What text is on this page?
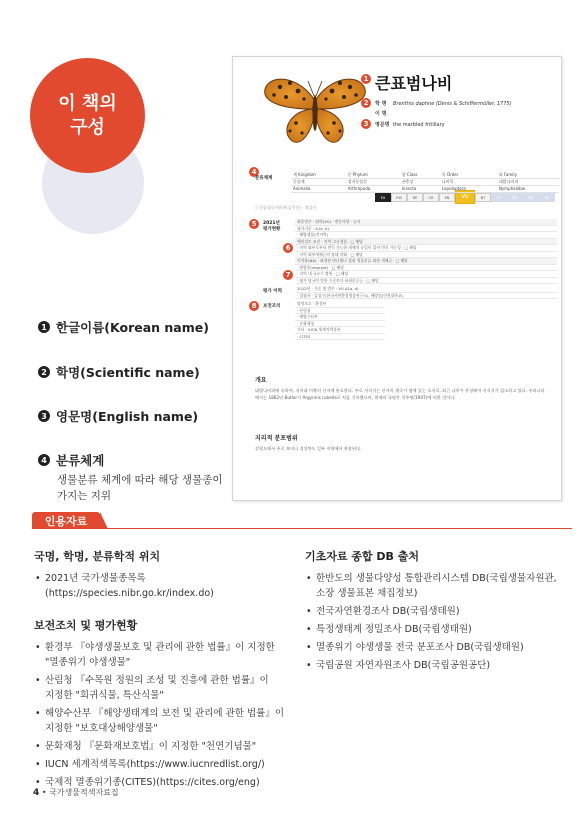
이 책의
구성
1 한글이름(Korean name)
2 학명(Scientific name)
3 영문명(English name)
4 분류체계
생물분류 체계에 따라 해당 생물종이
가지는 지위
ⓒ국립생물자원관(김주민) · 채집자
1 큰표범나비
2	학 명 Brenthis daphne (Denis & Schiffermüller, 1775)
이 명
3	영문명 the marbled fritillary
EX	EW	RE	CR	EN	VU	NT	LC	DD	NA	NE
4
분류체계
계 Kingdom	문 Phylum	강 Class	목 Order	과 Family
동물계	절지동물문	곤충강	나비목	네발나비과
Animalia	Arthropoda	Insecta	Lepidoptera	Nymphalidae
5	2021년
평가현황
6
7
최종범주 · 취약(VU) · 변동사항 · 유지
평가기준 · A1a, d)
· 해양생물(전지역)
예비검토 조건 · 지역 고유생물 · □ 해당
· 지역 외부로부터 번식 가능한 개체의 유입이 있어 번식 가능성 · □ 해당
· 지역 외부개체군의 상태 악화 · □ 해당
미적용(NA) · 외생된 야나방나 철점 생물분류 외한 개체군 · □ 해당
· 방랑종(vagrant) · □ 해당
· 지역 내 국소수 출현 · □ 해당
· 평가 당국의 범한 수준보다 하위분류군 · □ 해당
평가 이력
2012년 · 기준 및 범주 · VU A1a, d)
· 집필자 · 김성수(한국자연환경생물연구소), 배양섭(인천대학교)
8	보전조치
법정보호 · 환경부
· 산림청
· 해양수산부
· 문화재청
기타 · IUCN 세계적색목록
· CITES
개요
네발나비과에 속하며, 저지대 이북의 산지에 분포한다. 주로 서식지는 산지의 계곡가 옆에 있는 초지로, 최근 나무가 무성해져 서식지가 감소하고 있다. 우리나라에서는 1882년 Butler가 Argynnis rubella로 처음 기록했으며, 현재의 국명은 석주명(1947)에 의한 것이다.
지리적 분포범위
강원도에서 주로 보이나 경상북도 일부 지역에서 관찰된다.
인용자료
국명, 학명, 분류학적 위치
• 2021년 국가생물종목록(https://species.nibr.go.kr/index.do)
보전조치 및 평가현황
• 환경부 『야생생물보호 및 관리에 관한 법률』이 지정한
"멸종위기 야생생물"
• 산림청 『수목원 정원의 조성 및 진흥에 관한 법률』이
지정한 "희귀식물, 특산식물"
• 해양수산부 『해양생태계의 보전 및 관리에 관한 법률』이
지정한 "보호대상해양생물"
• 문화재청 『문화재보호법』이 지정한 "천연기념물"
• IUCN 세계적색목록(https://www.iucnredlist.org/)
• 국제적 멸종위기종(CITES)(https://cites.org/eng)
기초자료 종합 DB 출처
• 한반도의 생물다양성 통합관리시스템 DB(국립생물자원관,
소장 생물표본 채집정보)
• 전국자연환경조사 DB(국립생태원)
• 특정생태계 정밀조사 DB(국립생태원)
• 멸종위기 야생생물 전국 분포조사 DB(국립생태원)
• 국립공원 자연자원조사 DB(국립공원공단)
4 • 국가생물적색자료집
